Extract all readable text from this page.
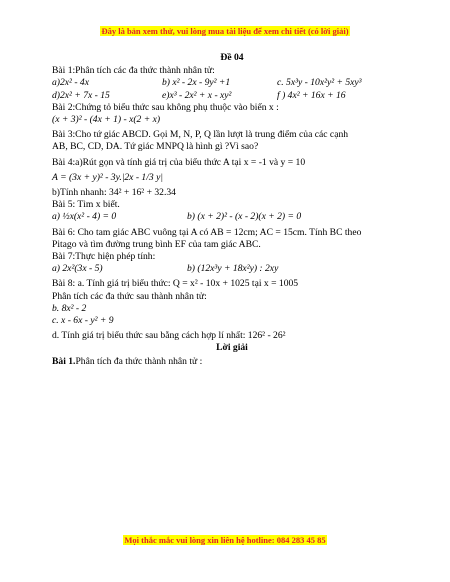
Đây là bản xem thử, vui lòng mua tài liệu để xem chi tiết (có lời giải)

Đề 04

Bài 1:Phân tích các đa thức thành nhân tử:

a)2x² - 4x	b) x² - 2x - 9y² +1	c. 5x³y - 10x²y² + 5xy³
d)2x² + 7x - 15	e)x³ - 2x² + x - xy²	f ) 4x² + 16x + 16

Bài 2:Chứng tỏ biểu thức sau không phụ thuộc vào biến x :

(x + 3)² - (4x + 1) - x(2 + x)

Bài 3:Cho tứ giác ABCD. Gọi M, N, P, Q lần lượt là trung điểm của các cạnh

AB, BC, CD, DA. Tứ giác MNPQ là hình gì ?Vì sao?

Bài 4:a)Rút gọn và tính giá trị của biểu thức A tại x = -1 và y = 10

A = (3x + y)² - 3y.|2x - 1/3 y|

b)Tính nhanh: 34² + 16² + 32.34

Bài 5: Tìm x biết.

a) ½x(x² - 4) = 0	b) (x + 2)² - (x - 2)(x + 2) = 0

Bài 6: Cho tam giác ABC vuông tại A có AB = 12cm; AC = 15cm. Tính BC theo

Pitago và tìm đường trung bình EF của tam giác ABC.

Bài 7:Thực hiện phép tính:

a) 2x²(3x - 5)	b) (12x³y + 18x²y) : 2xy

Bài 8: a. Tính giá trị biểu thức: Q = x² - 10x + 1025 tại x = 1005

Phân tích các đa thức sau thành nhân tử:

b. 8x² - 2

c. x - 6x - y² + 9

d. Tính giá trị biểu thức sau bằng cách hợp lí nhất: 126² - 26²

Lời giải

Bài 1.Phân tích đa thức thành nhân tử :

Mọi thắc mắc vui lòng xin liên hệ hotline: 084 283 45 85
